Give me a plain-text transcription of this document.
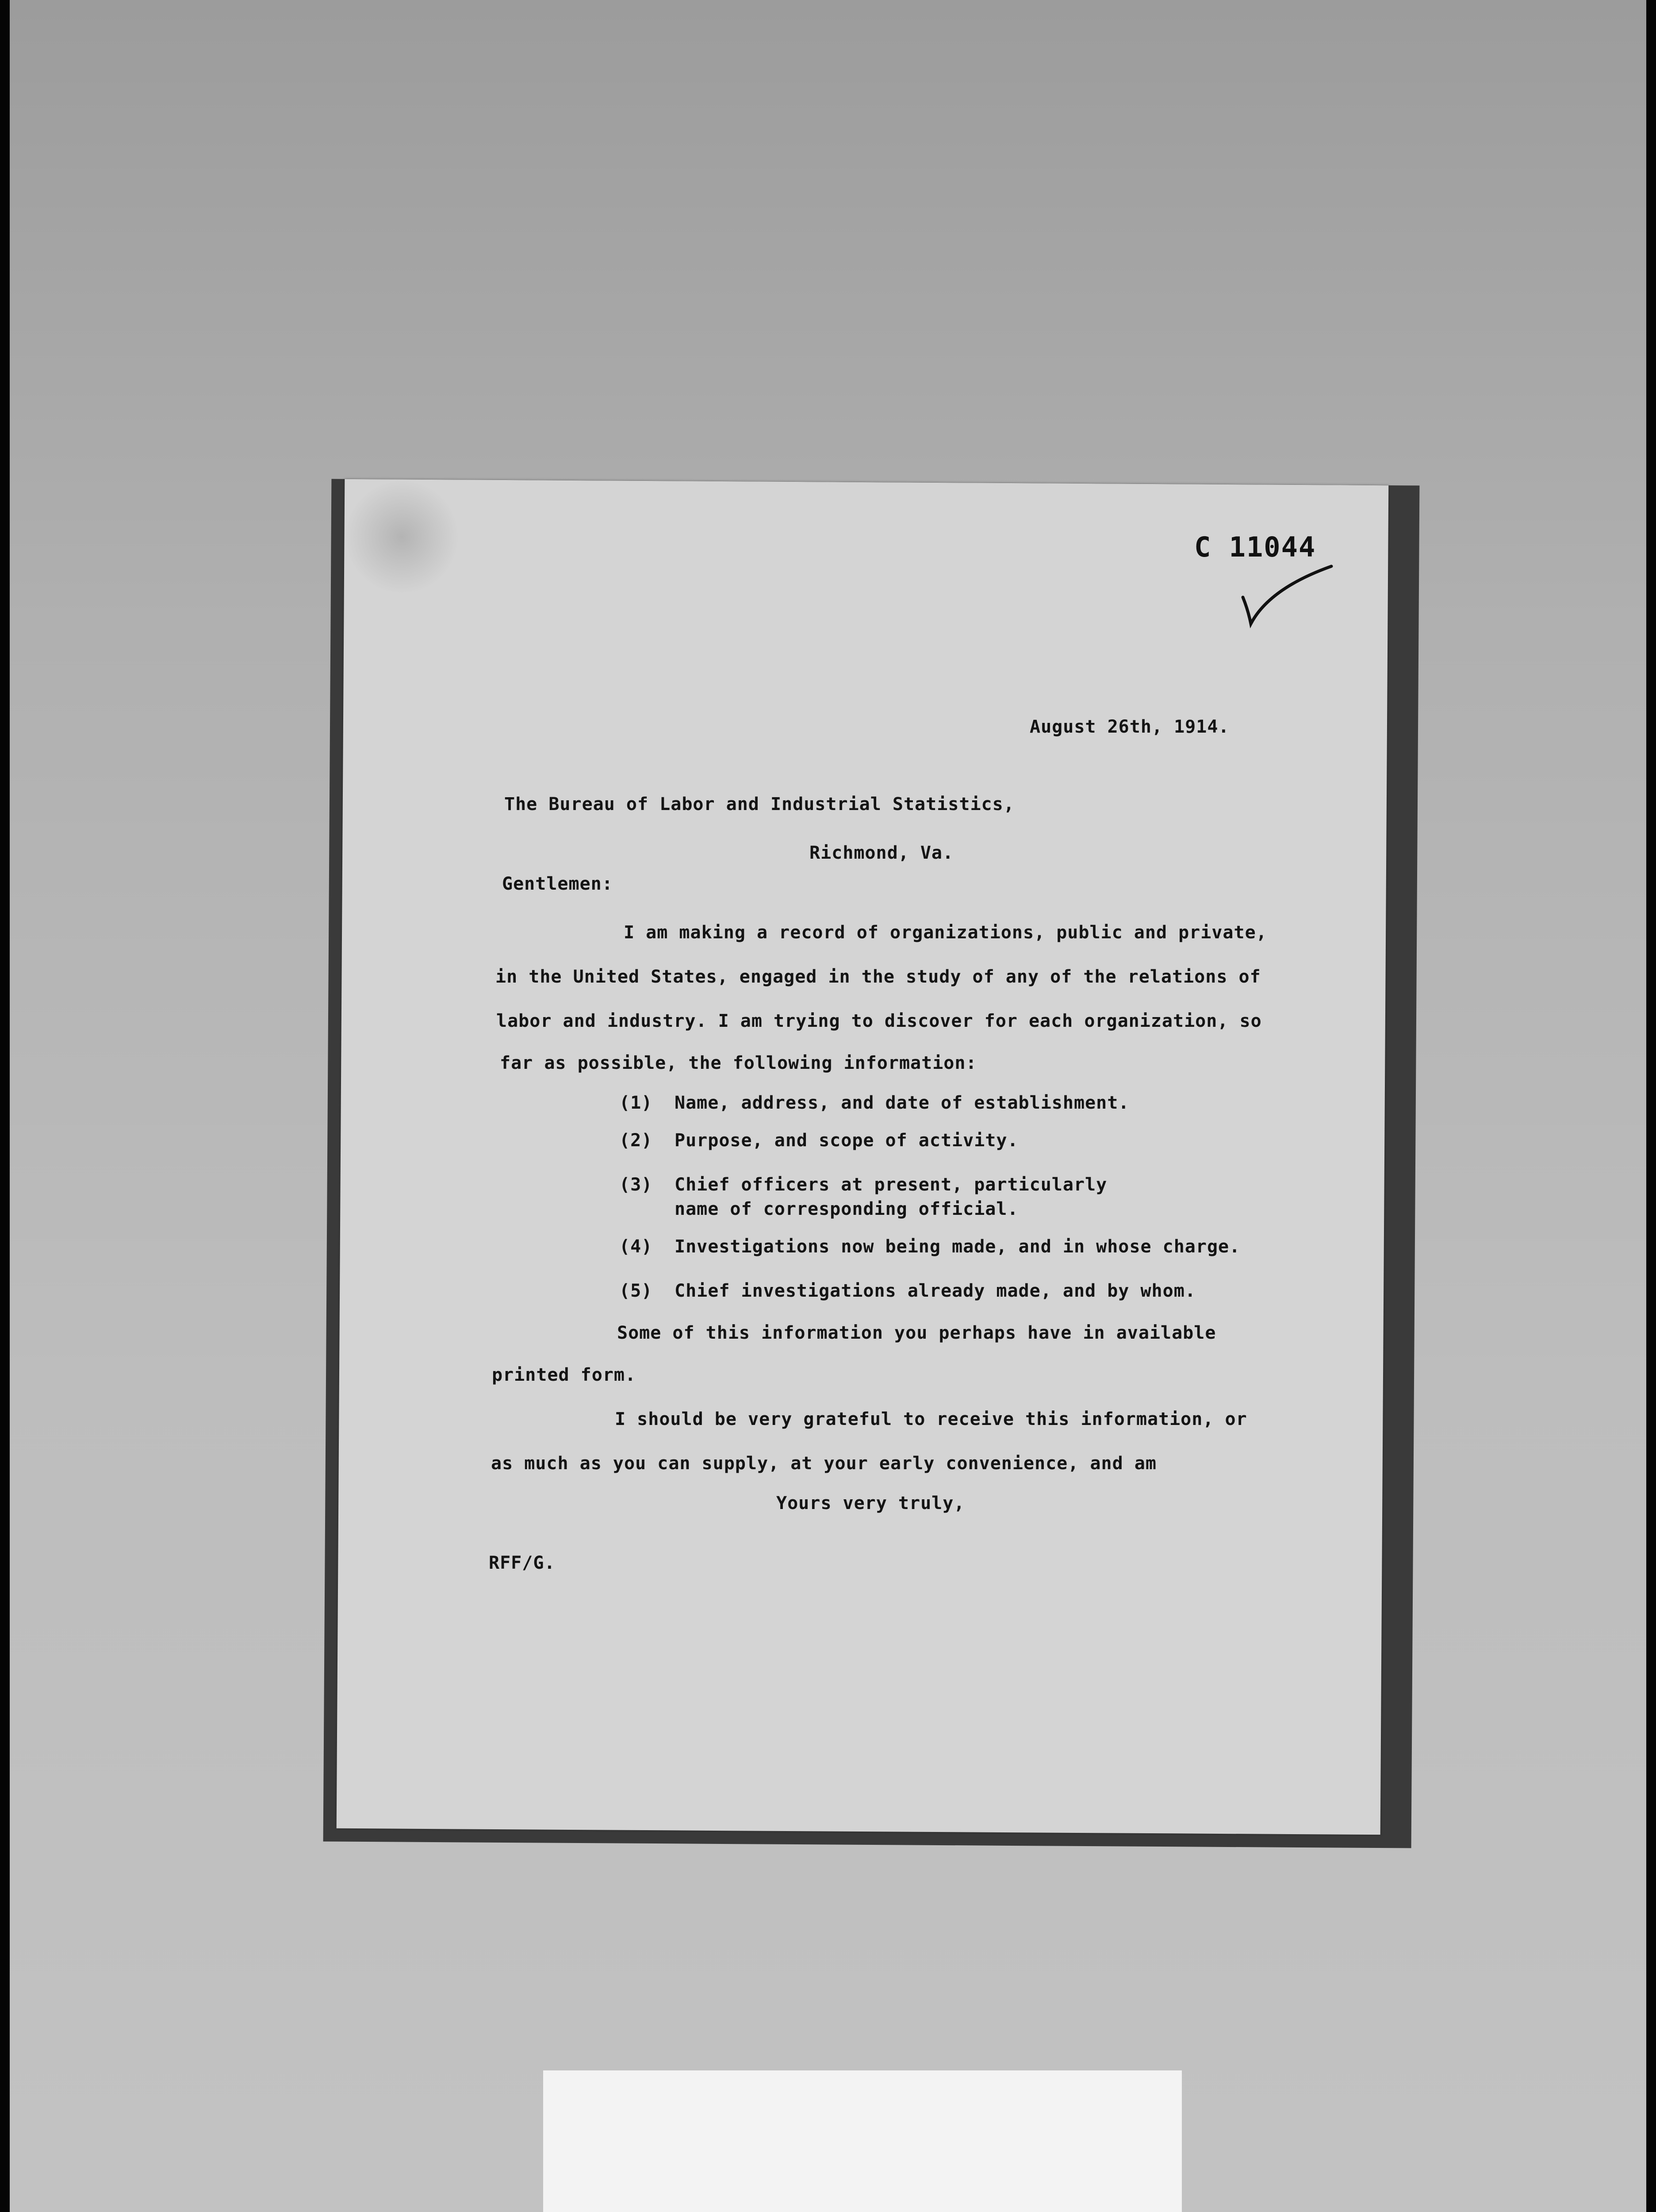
C 11044
August 26th, 1914.
The Bureau of Labor and Industrial Statistics,
Richmond, Va.
Gentlemen:
I am making a record of organizations, public and private,
in the United States, engaged in the study of any of the relations of
labor and industry. I am trying to discover for each organization, so
far as possible, the following information:
(1) Name, address, and date of establishment.
(2) Purpose, and scope of activity.
(3) Chief officers at present, particularly
name of corresponding official.
(4) Investigations now being made, and in whose charge.
(5) Chief investigations already made, and by whom.
Some of this information you perhaps have in available
printed form.
I should be very grateful to receive this information, or
as much as you can supply, at your early convenience, and am
Yours very truly,
RFF/G.
